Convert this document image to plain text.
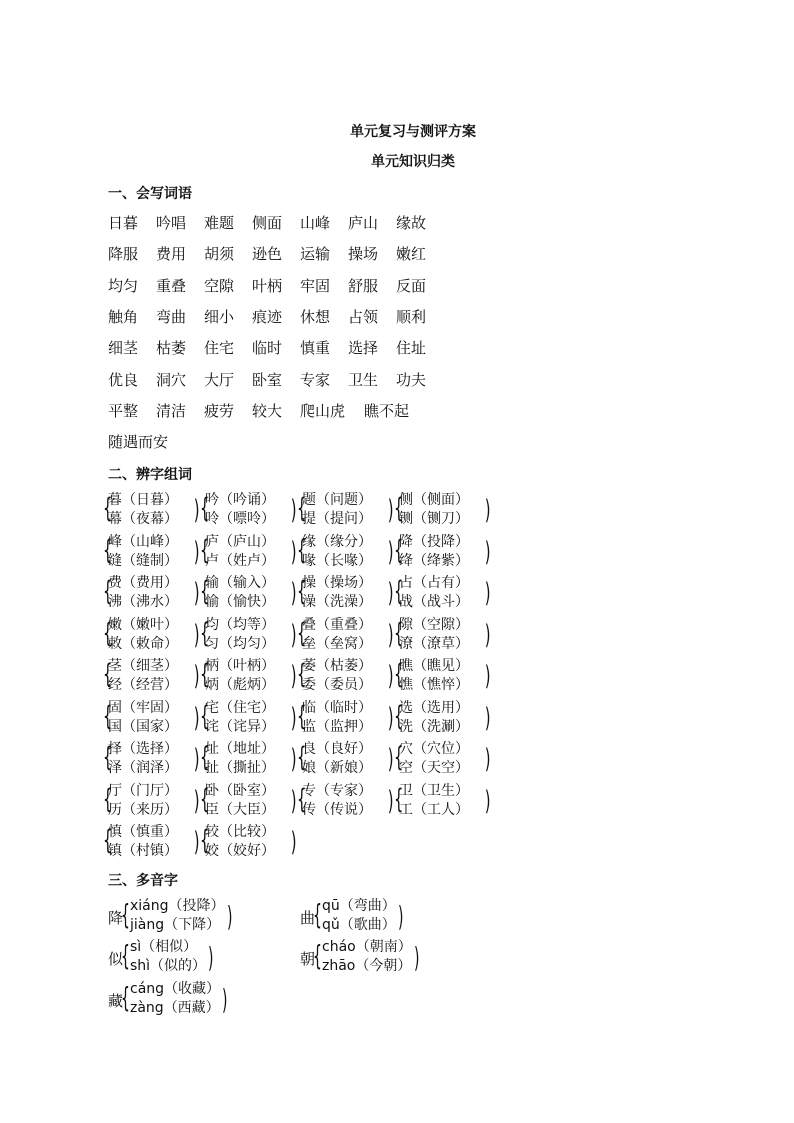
单元复习与测评方案
单元知识归类
一、会写词语
日暮 吟唱 难题 侧面 山峰 庐山 缘故
降服 费用 胡须 逊色 运输 操场 嫩红
均匀 重叠 空隙 叶柄 牢固 舒服 反面
触角 弯曲 细小 痕迹 休想 占领 顺利
细茎 枯萎 住宅 临时 慎重 选择 住址
优良 洞穴 大厅 卧室 专家 卫生 功夫
平整 清洁 疲劳 较大 爬山虎 瞧不起
随遇而安
二、辨字组词
{
暮（日暮）
幕（夜幕） ) {
吟（吟诵）
呤（嘌呤） ) {
题（问题）
提（提问） ) {
侧（侧面）
铡（铡刀） )
{
峰（山峰）
缝（缝制） ) {
庐（庐山）
卢（姓卢） ) {
缘（缘分）
喙（长喙） ) {
降（投降）
绛（绛紫） )
{
费（费用）
沸（沸水） ) {
输（输入）
愉（愉快） ) {
操（操场）
澡（洗澡） ) {
占（占有）
战（战斗） )
{
嫩（嫩叶）
敕（敕命） ) {
均（均等）
匀（均匀） ) {
叠（重叠）
垒（垒窝） ) {
隙（空隙）
潦（潦草） )
{
茎（细茎）
经（经营） ) {
柄（叶柄）
炳（彪炳） ) {
萎（枯萎）
委（委员） ) {
瞧（瞧见）
憔（憔悴） )
{
固（牢固）
国（国家） ) {
宅（住宅）
诧（诧异） ) {
临（临时）
监（监押） ) {
选（选用）
洗（洗涮） )
{
择（选择）
泽（润泽） ) {
址（地址）
扯（撕扯） ) {
良（良好）
娘（新娘） ) {
穴（穴位）
空（天空） )
{
厅（门厅）
历（来历） ) {
卧（卧室）
臣（大臣） ) {
专（专家）
传（传说） ) {
卫（卫生）
工（工人） )
{
慎（慎重）
镇（村镇） ) {
较（比较）
姣（姣好） )
三、多音字
降
{ xiáng（投降）
jiàng（下降） )	曲
{ qū（弯曲）
qǔ（歌曲） )
似
{ sì（相似）
shì（似的） )	朝
{ cháo（朝南）
zhāo（今朝） )
藏
{ cáng（收藏）
zàng（西藏） )
